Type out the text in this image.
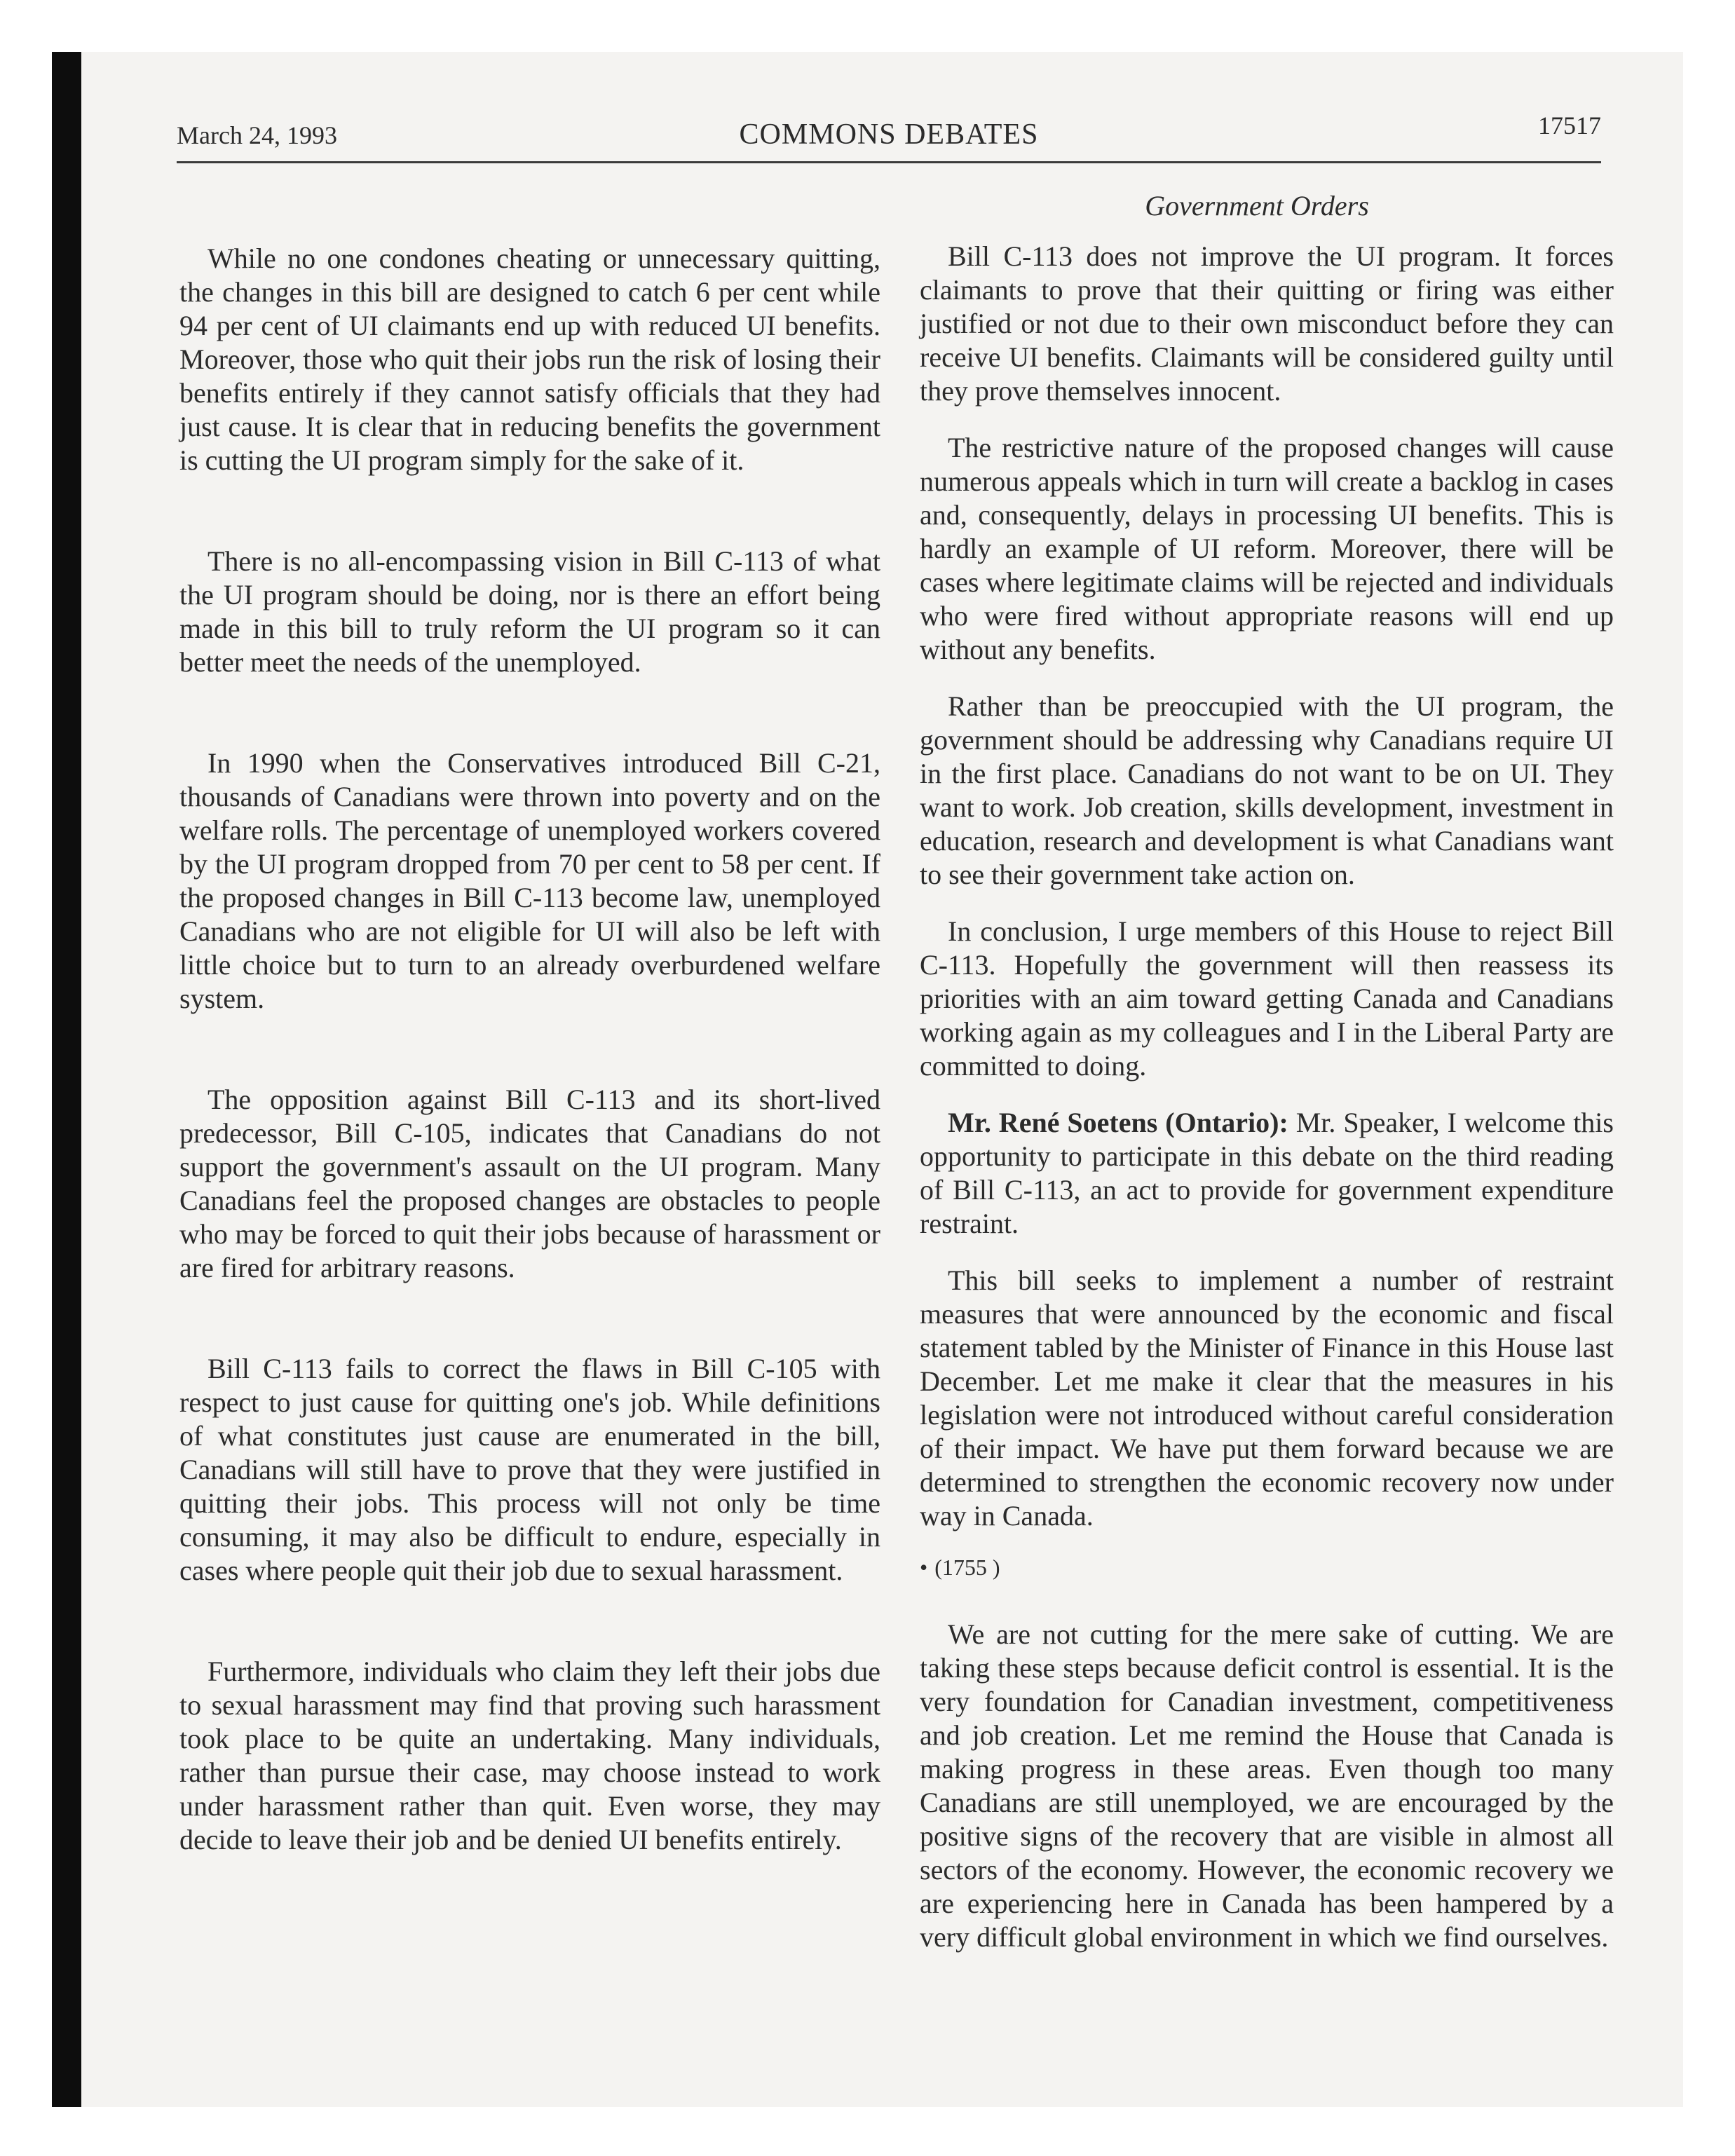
March 24, 1993	COMMONS DEBATES	17517
Government Orders

While no one condones cheating or unnecessary quitting, the changes in this bill are designed to catch 6 per cent while 94 per cent of UI claimants end up with reduced UI benefits. Moreover, those who quit their jobs run the risk of losing their benefits entirely if they cannot satisfy officials that they had just cause. It is clear that in reducing benefits the government is cutting the UI program simply for the sake of it.

There is no all-encompassing vision in Bill C-113 of what the UI program should be doing, nor is there an effort being made in this bill to truly reform the UI program so it can better meet the needs of the unemployed.

In 1990 when the Conservatives introduced Bill C-21, thousands of Canadians were thrown into poverty and on the welfare rolls. The percentage of unemployed workers covered by the UI program dropped from 70 per cent to 58 per cent. If the proposed changes in Bill C-113 become law, unemployed Canadians who are not eligible for UI will also be left with little choice but to turn to an already overburdened welfare system.

The opposition against Bill C-113 and its short-lived predecessor, Bill C-105, indicates that Canadians do not support the government's assault on the UI program. Many Canadians feel the proposed changes are obstacles to people who may be forced to quit their jobs because of harassment or are fired for arbitrary reasons.

Bill C-113 fails to correct the flaws in Bill C-105 with respect to just cause for quitting one's job. While definitions of what constitutes just cause are enumerated in the bill, Canadians will still have to prove that they were justified in quitting their jobs. This process will not only be time consuming, it may also be difficult to endure, especially in cases where people quit their job due to sexual harassment.

Furthermore, individuals who claim they left their jobs due to sexual harassment may find that proving such harassment took place to be quite an undertaking. Many individuals, rather than pursue their case, may choose instead to work under harassment rather than quit. Even worse, they may decide to leave their job and be denied UI benefits entirely.

Bill C-113 does not improve the UI program. It forces claimants to prove that their quitting or firing was either justified or not due to their own misconduct before they can receive UI benefits. Claimants will be considered guilty until they prove themselves innocent.

The restrictive nature of the proposed changes will cause numerous appeals which in turn will create a backlog in cases and, consequently, delays in processing UI benefits. This is hardly an example of UI reform. Moreover, there will be cases where legitimate claims will be rejected and individuals who were fired without appropriate reasons will end up without any benefits.

Rather than be preoccupied with the UI program, the government should be addressing why Canadians require UI in the first place. Canadians do not want to be on UI. They want to work. Job creation, skills development, investment in education, research and development is what Canadians want to see their government take action on.

In conclusion, I urge members of this House to reject Bill C-113. Hopefully the government will then reassess its priorities with an aim toward getting Canada and Canadians working again as my colleagues and I in the Liberal Party are committed to doing.

Mr. René Soetens (Ontario): Mr. Speaker, I welcome this opportunity to participate in this debate on the third reading of Bill C-113, an act to provide for government expenditure restraint.

This bill seeks to implement a number of restraint measures that were announced by the economic and fiscal statement tabled by the Minister of Finance in this House last December. Let me make it clear that the measures in his legislation were not introduced without careful consideration of their impact. We have put them forward because we are determined to strengthen the economic recovery now under way in Canada.

• (1755 )

We are not cutting for the mere sake of cutting. We are taking these steps because deficit control is essential. It is the very foundation for Canadian investment, competitiveness and job creation. Let me remind the House that Canada is making progress in these areas. Even though too many Canadians are still unemployed, we are encouraged by the positive signs of the recovery that are visible in almost all sectors of the economy. However, the economic recovery we are experiencing here in Canada has been hampered by a very difficult global environment in which we find ourselves.
